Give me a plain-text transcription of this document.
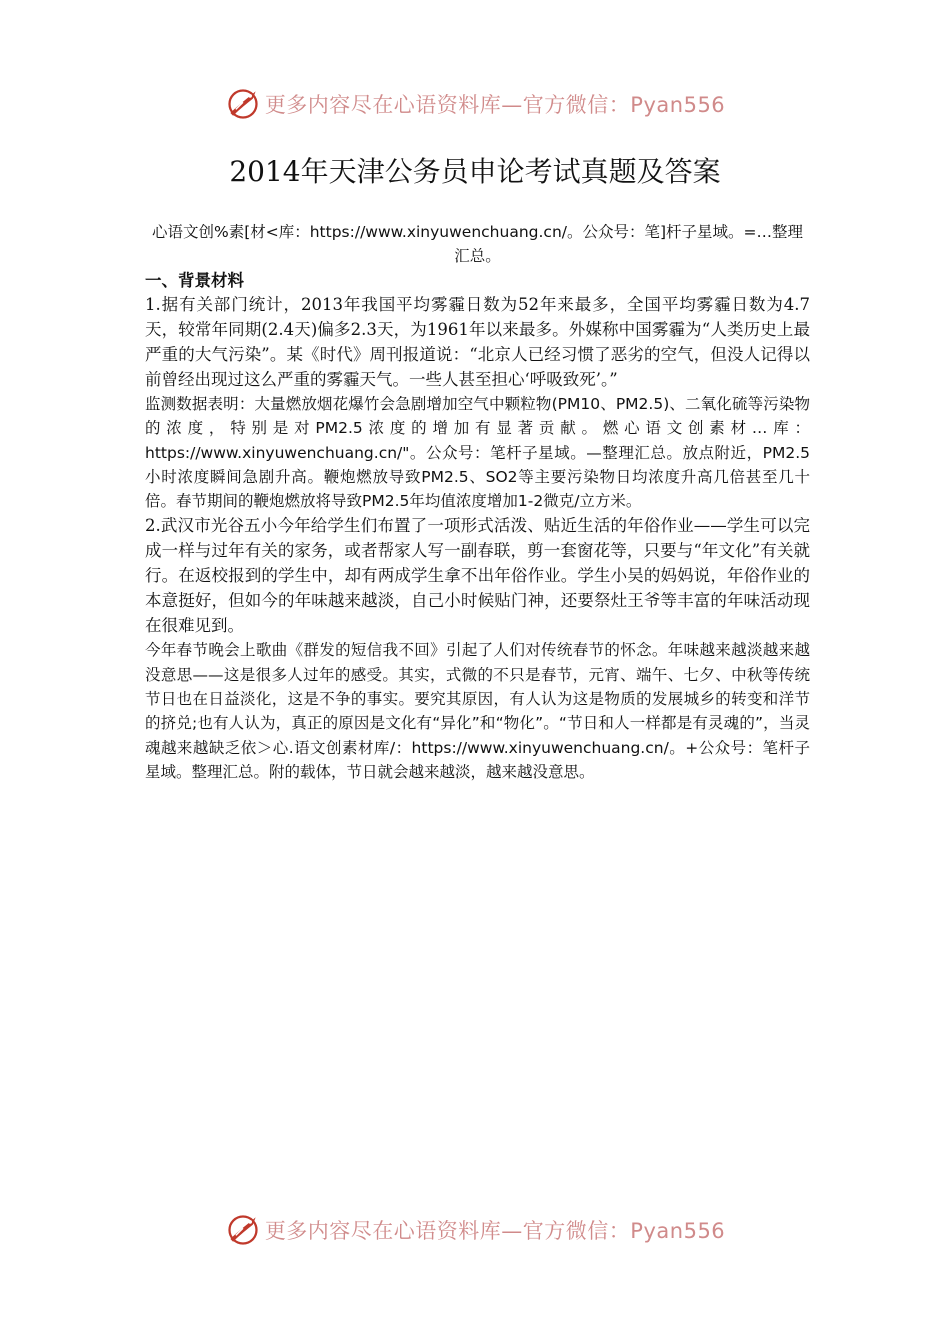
更多内容尽在心语资料库—官方微信：Pyan556
2014年天津公务员申论考试真题及答案

心语文创%素[材<库：https://www.xinyuwenchuang.cn/。公众号：笔]杆子星域。=…整理汇总。

一、背景材料

1.据有关部门统计，2013年我国平均雾霾日数为52年来最多，全国平均雾霾日数为4.7天，较常年同期(2.4天)偏多2.3天，为1961年以来最多。外媒称中国雾霾为“人类历史上最严重的大气污染”。某《时代》周刊报道说：“北京人已经习惯了恶劣的空气，但没人记得以前曾经出现过这么严重的雾霾天气。一些人甚至担心‘呼吸致死’。”

监测数据表明：大量燃放烟花爆竹会急剧增加空气中颗粒物(PM10、PM2.5)、二氧化硫等污染物的浓度，特别是对PM2.5浓度的增加有显著贡献。燃心语文创素材…库：https://www.xinyuwenchuang.cn/"。公众号：笔杆子星域。—整理汇总。放点附近，PM2.5小时浓度瞬间急剧升高。鞭炮燃放导致PM2.5、SO2等主要污染物日均浓度升高几倍甚至几十倍。春节期间的鞭炮燃放将导致PM2.5年均值浓度增加1-2微克/立方米。

2.武汉市光谷五小今年给学生们布置了一项形式活泼、贴近生活的年俗作业——学生可以完成一样与过年有关的家务，或者帮家人写一副春联，剪一套窗花等，只要与“年文化”有关就行。在返校报到的学生中，却有两成学生拿不出年俗作业。学生小吴的妈妈说，年俗作业的本意挺好，但如今的年味越来越淡，自己小时候贴门神，还要祭灶王爷等丰富的年味活动现在很难见到。

今年春节晚会上歌曲《群发的短信我不回》引起了人们对传统春节的怀念。年味越来越淡越来越没意思——这是很多人过年的感受。其实，式微的不只是春节，元宵、端午、七夕、中秋等传统节日也在日益淡化，这是不争的事实。要究其原因，有人认为这是物质的发展城乡的转变和洋节的挤兑;也有人认为，真正的原因是文化有“异化”和“物化”。“节日和人一样都是有灵魂的”，当灵魂越来越缺乏依＞心.语文创素材库/：https://www.xinyuwenchuang.cn/。+公众号：笔杆子星域。整理汇总。附的载体，节日就会越来越淡，越来越没意思。

更多内容尽在心语资料库—官方微信：Pyan556
